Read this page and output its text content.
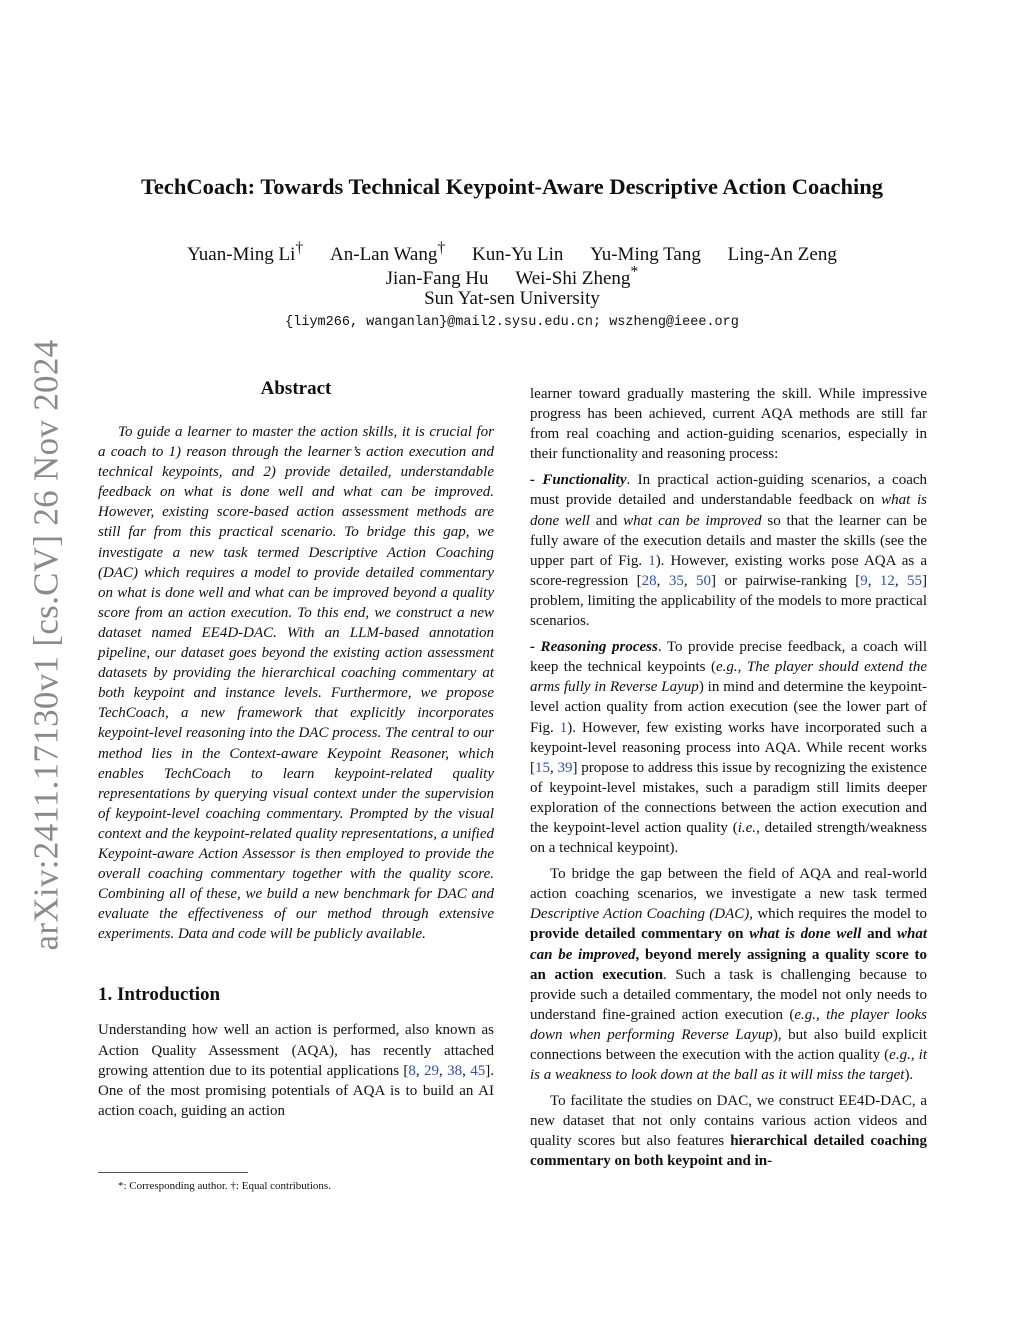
arXiv:2411.17130v1 [cs.CV] 26 Nov 2024
TechCoach: Towards Technical Keypoint-Aware Descriptive Action Coaching
Yuan-Ming Li† An-Lan Wang† Kun-Yu Lin Yu-Ming Tang Ling-An Zeng
Jian-Fang Hu Wei-Shi Zheng*
Sun Yat-sen University
{liym266, wanganlan}@mail2.sysu.edu.cn; wszheng@ieee.org
Abstract

To guide a learner to master the action skills, it is crucial for a coach to 1) reason through the learner’s action execution and technical keypoints, and 2) provide detailed, understandable feedback on what is done well and what can be improved. However, existing score-based action assessment methods are still far from this practical scenario. To bridge this gap, we investigate a new task termed Descriptive Action Coaching (DAC) which requires a model to provide detailed commentary on what is done well and what can be improved beyond a quality score from an action execution. To this end, we construct a new dataset named EE4D-DAC. With an LLM-based annotation pipeline, our dataset goes beyond the existing action assessment datasets by providing the hierarchical coaching commentary at both keypoint and instance levels. Furthermore, we propose TechCoach, a new framework that explicitly incorporates keypoint-level reasoning into the DAC process. The central to our method lies in the Context-aware Keypoint Reasoner, which enables TechCoach to learn keypoint-related quality representations by querying visual context under the supervision of keypoint-level coaching commentary. Prompted by the visual context and the keypoint-related quality representations, a unified Keypoint-aware Action Assessor is then employed to provide the overall coaching commentary together with the quality score. Combining all of these, we build a new benchmark for DAC and evaluate the effectiveness of our method through extensive experiments. Data and code will be publicly available.

1. Introduction

Understanding how well an action is performed, also known as Action Quality Assessment (AQA), has recently attached growing attention due to its potential applications [8, 29, 38, 45]. One of the most promising potentials of AQA is to build an AI action coach, guiding an action

*: Corresponding author. †: Equal contributions.

learner toward gradually mastering the skill. While impressive progress has been achieved, current AQA methods are still far from real coaching and action-guiding scenarios, especially in their functionality and reasoning process:

- Functionality. In practical action-guiding scenarios, a coach must provide detailed and understandable feedback on what is done well and what can be improved so that the learner can be fully aware of the execution details and master the skills (see the upper part of Fig. 1). However, existing works pose AQA as a score-regression [28, 35, 50] or pairwise-ranking [9, 12, 55] problem, limiting the applicability of the models to more practical scenarios.

- Reasoning process. To provide precise feedback, a coach will keep the technical keypoints (e.g., The player should extend the arms fully in Reverse Layup) in mind and determine the keypoint-level action quality from action execution (see the lower part of Fig. 1). However, few existing works have incorporated such a keypoint-level reasoning process into AQA. While recent works [15, 39] propose to address this issue by recognizing the existence of keypoint-level mistakes, such a paradigm still limits deeper exploration of the connections between the action execution and the keypoint-level action quality (i.e., detailed strength/weakness on a technical keypoint).

To bridge the gap between the field of AQA and real-world action coaching scenarios, we investigate a new task termed Descriptive Action Coaching (DAC), which requires the model to provide detailed commentary on what is done well and what can be improved, beyond merely assigning a quality score to an action execution. Such a task is challenging because to provide such a detailed commentary, the model not only needs to understand fine-grained action execution (e.g., the player looks down when performing Reverse Layup), but also build explicit connections between the execution with the action quality (e.g., it is a weakness to look down at the ball as it will miss the target).

To facilitate the studies on DAC, we construct EE4D-DAC, a new dataset that not only contains various action videos and quality scores but also features hierarchical detailed coaching commentary on both keypoint and in-
